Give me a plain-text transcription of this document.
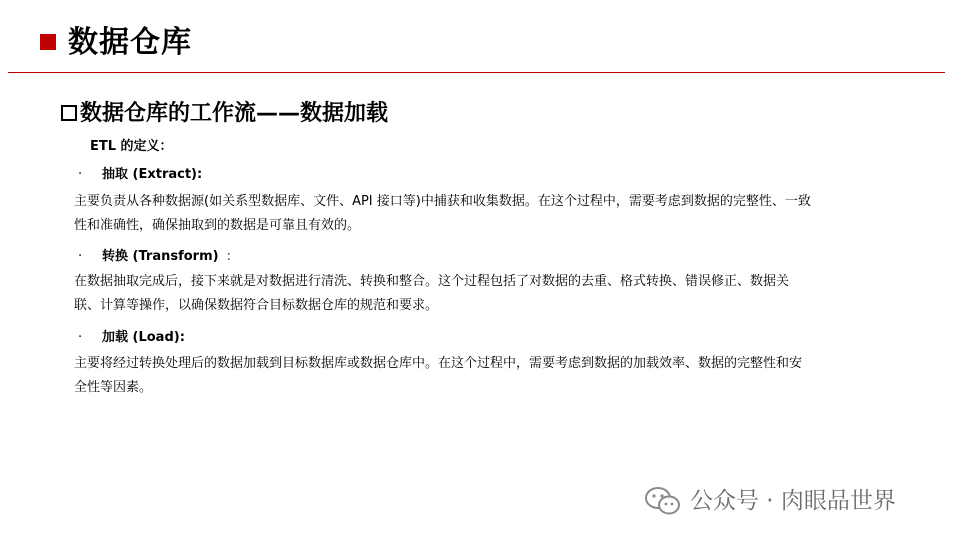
数据仓库
数据仓库的工作流——数据加载
ETL 的定义：
· 抽取 (Extract):
主要负责从各种数据源(如关系型数据库、文件、API 接口等)中捕获和收集数据。在这个过程中，需要考虑到数据的完整性、一致性和准确性，确保抽取到的数据是可靠且有效的。
· 转换 (Transform) :
在数据抽取完成后，接下来就是对数据进行清洗、转换和整合。这个过程包括了对数据的去重、格式转换、错误修正、数据关联、计算等操作，以确保数据符合目标数据仓库的规范和要求。
· 加载 (Load):
主要将经过转换处理后的数据加载到目标数据库或数据仓库中。在这个过程中，需要考虑到数据的加载效率、数据的完整性和安全性等因素。
公众号 · 肉眼品世界
